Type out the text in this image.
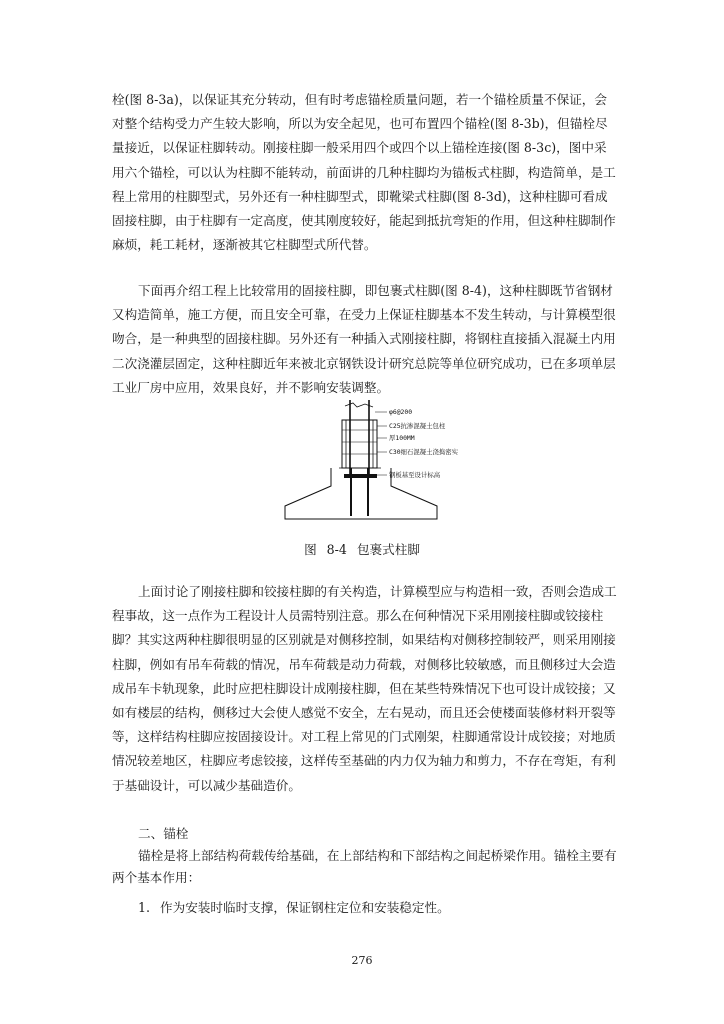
栓(图 8-3a)，以保证其充分转动，但有时考虑锚栓质量问题，若一个锚栓质量不保证，会
对整个结构受力产生较大影响，所以为安全起见，也可布置四个锚栓(图 8-3b)，但锚栓尽
量接近，以保证柱脚转动。刚接柱脚一般采用四个或四个以上锚栓连接(图 8-3c)，图中采
用六个锚栓，可以认为柱脚不能转动，前面讲的几种柱脚均为锚板式柱脚，构造简单，是工
程上常用的柱脚型式，另外还有一种柱脚型式，即靴梁式柱脚(图 8-3d)，这种柱脚可看成
固接柱脚，由于柱脚有一定高度，使其刚度较好，能起到抵抗弯矩的作用，但这种柱脚制作
麻烦，耗工耗材，逐渐被其它柱脚型式所代替。
下面再介绍工程上比较常用的固接柱脚，即包裹式柱脚(图 8-4)，这种柱脚既节省钢材
又构造简单，施工方便，而且安全可靠，在受力上保证柱脚基本不发生转动，与计算模型很
吻合，是一种典型的固接柱脚。另外还有一种插入式刚接柱脚，将钢柱直接插入混凝土内用
二次浇灌层固定，这种柱脚近年来被北京钢铁设计研究总院等单位研究成功，已在多项单层
工业厂房中应用，效果良好，并不影响安装调整。
φ6@200
C25抗渗混凝土包柱
厚100MM
C30细石混凝土浇捣密实
钢板基至设计标高
图 8-4 包裹式柱脚
上面讨论了刚接柱脚和铰接柱脚的有关构造，计算模型应与构造相一致，否则会造成工
程事故，这一点作为工程设计人员需特别注意。那么在何种情况下采用刚接柱脚或铰接柱
脚？其实这两种柱脚很明显的区别就是对侧移控制，如果结构对侧移控制较严，则采用刚接
柱脚，例如有吊车荷载的情况，吊车荷载是动力荷载，对侧移比较敏感，而且侧移过大会造
成吊车卡轨现象，此时应把柱脚设计成刚接柱脚，但在某些特殊情况下也可设计成铰接；又
如有楼层的结构，侧移过大会使人感觉不安全，左右晃动，而且还会使楼面装修材料开裂等
等，这样结构柱脚应按固接设计。对工程上常见的门式刚架，柱脚通常设计成铰接；对地质
情况较差地区，柱脚应考虑铰接，这样传至基础的内力仅为轴力和剪力，不存在弯矩，有利
于基础设计，可以减少基础造价。
二、锚栓
锚栓是将上部结构荷载传给基础，在上部结构和下部结构之间起桥梁作用。锚栓主要有
两个基本作用：
1. 作为安装时临时支撑，保证钢柱定位和安装稳定性。
276
